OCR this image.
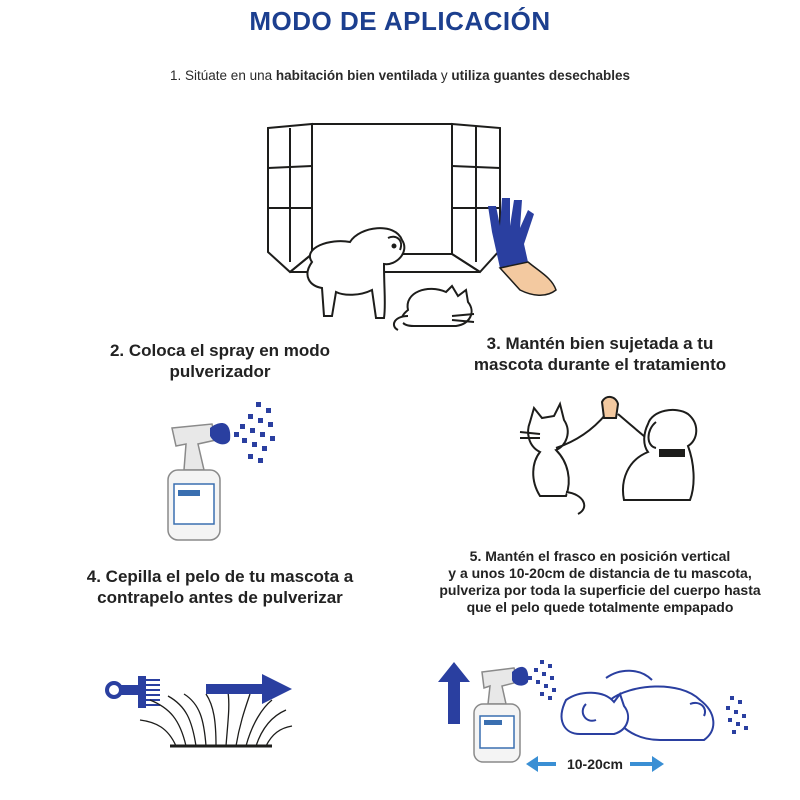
MODO DE APLICACIÓN
1. Sitúate en una habitación bien ventilada y utiliza guantes desechables
2. Coloca el spray en modo
pulverizador
3. Mantén bien sujetada a tu
mascota durante el tratamiento
4. Cepilla el pelo de tu mascota a
contrapelo antes de pulverizar
5. Mantén el frasco en posición vertical
y a unos 10-20cm de distancia de tu mascota,
pulveriza por toda la superficie del cuerpo hasta
que el pelo quede totalmente empapado
10-20cm
